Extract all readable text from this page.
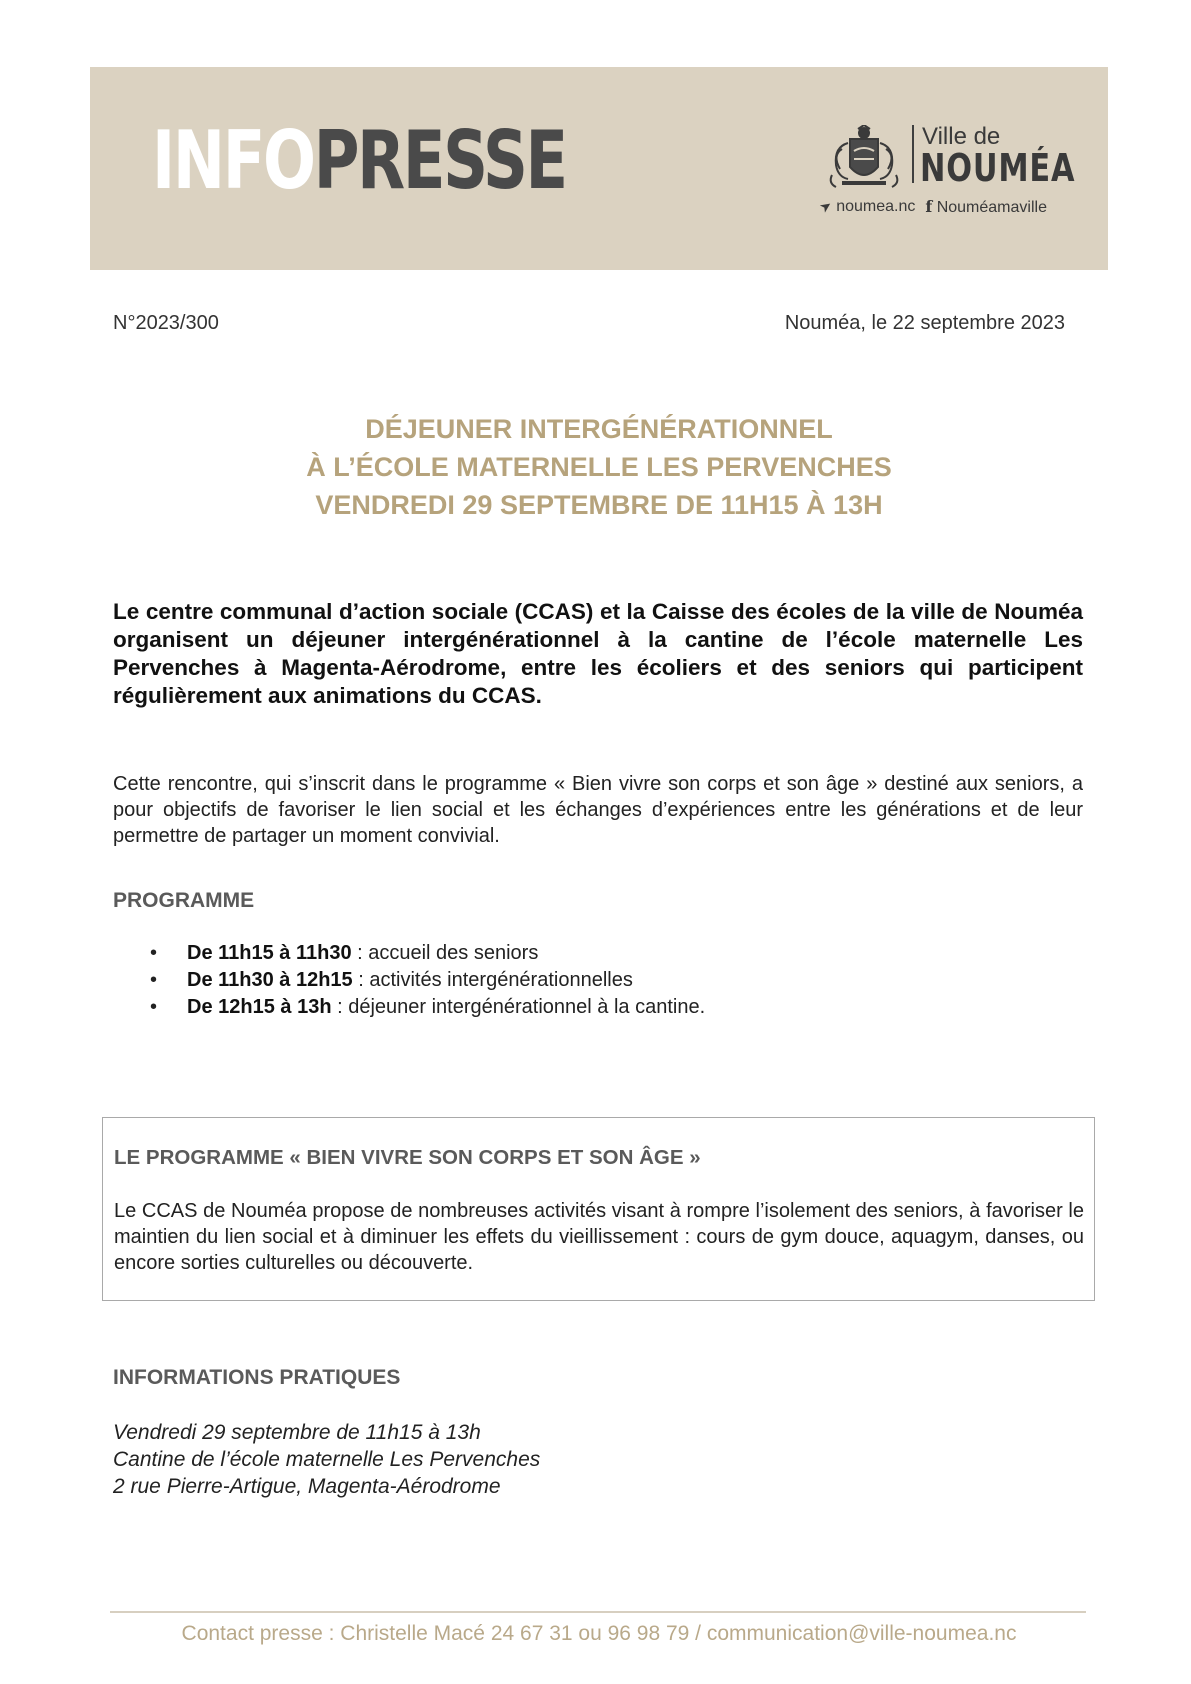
INFOPRESSE	Ville de
NOUMÉA
➤ noumea.nc f Nouméamaville
N°2023/300	Nouméa, le 22 septembre 2023
DÉJEUNER INTERGÉNÉRATIONNEL
À L’ÉCOLE MATERNELLE LES PERVENCHES
VENDREDI 29 SEPTEMBRE DE 11H15 À 13H

Le centre communal d’action sociale (CCAS) et la Caisse des écoles de la ville de Nouméa organisent un déjeuner intergénérationnel à la cantine de l’école maternelle Les Pervenches à Magenta-Aérodrome, entre les écoliers et des seniors qui participent régulièrement aux animations du CCAS.

Cette rencontre, qui s’inscrit dans le programme « Bien vivre son corps et son âge » destiné aux seniors, a pour objectifs de favoriser le lien social et les échanges d’expériences entre les générations et de leur permettre de partager un moment convivial.

PROGRAMME
• De 11h15 à 11h30 : accueil des seniors
• De 11h30 à 12h15 : activités intergénérationnelles
• De 12h15 à 13h : déjeuner intergénérationnel à la cantine.
LE PROGRAMME « BIEN VIVRE SON CORPS ET SON ÂGE »

Le CCAS de Nouméa propose de nombreuses activités visant à rompre l’isolement des seniors, à favoriser le maintien du lien social et à diminuer les effets du vieillissement : cours de gym douce, aquagym, danses, ou encore sorties culturelles ou découverte.

INFORMATIONS PRATIQUES
Vendredi 29 septembre de 11h15 à 13h
Cantine de l’école maternelle Les Pervenches
2 rue Pierre-Artigue, Magenta-Aérodrome
Contact presse : Christelle Macé 24 67 31 ou 96 98 79 / communication@ville-noumea.nc
